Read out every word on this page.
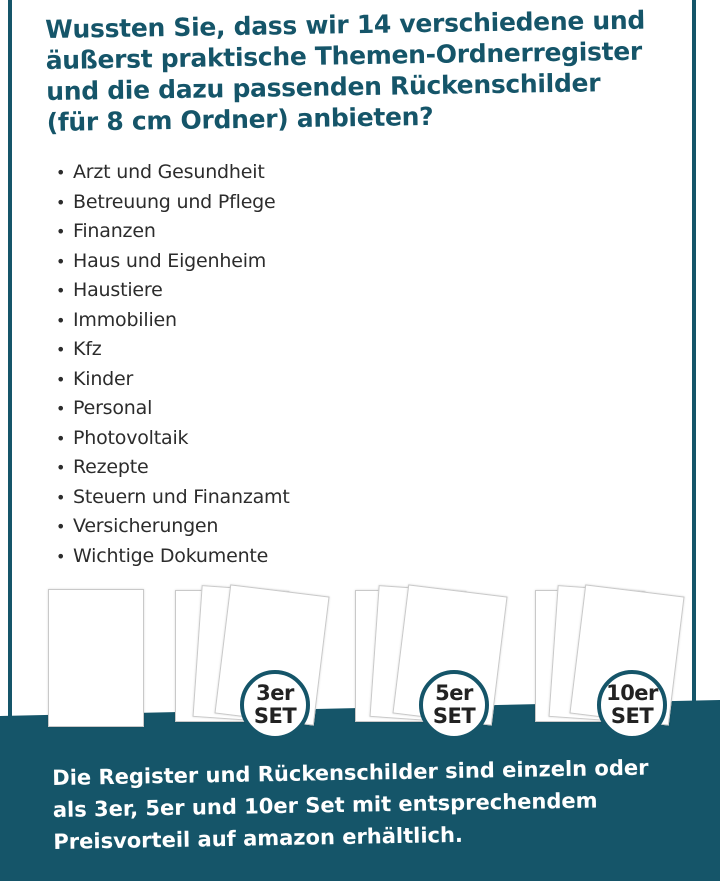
Wussten Sie, dass wir 14 verschiedene und
äußerst praktische Themen-Ordnerregister
und die dazu passenden Rückenschilder
(für 8 cm Ordner) anbieten?
• Arzt und Gesundheit
• Betreuung und Pflege
• Finanzen
• Haus und Eigenheim
• Haustiere
• Immobilien
• Kfz
• Kinder
• Personal
• Photovoltaik
• Rezepte
• Steuern und Finanzamt
• Versicherungen
• Wichtige Dokumente
3er
SET
5er
SET
10er
SET

Die Register und Rückenschilder sind einzeln oder
als 3er, 5er und 10er Set mit entsprechendem
Preisvorteil auf amazon erhältlich.
